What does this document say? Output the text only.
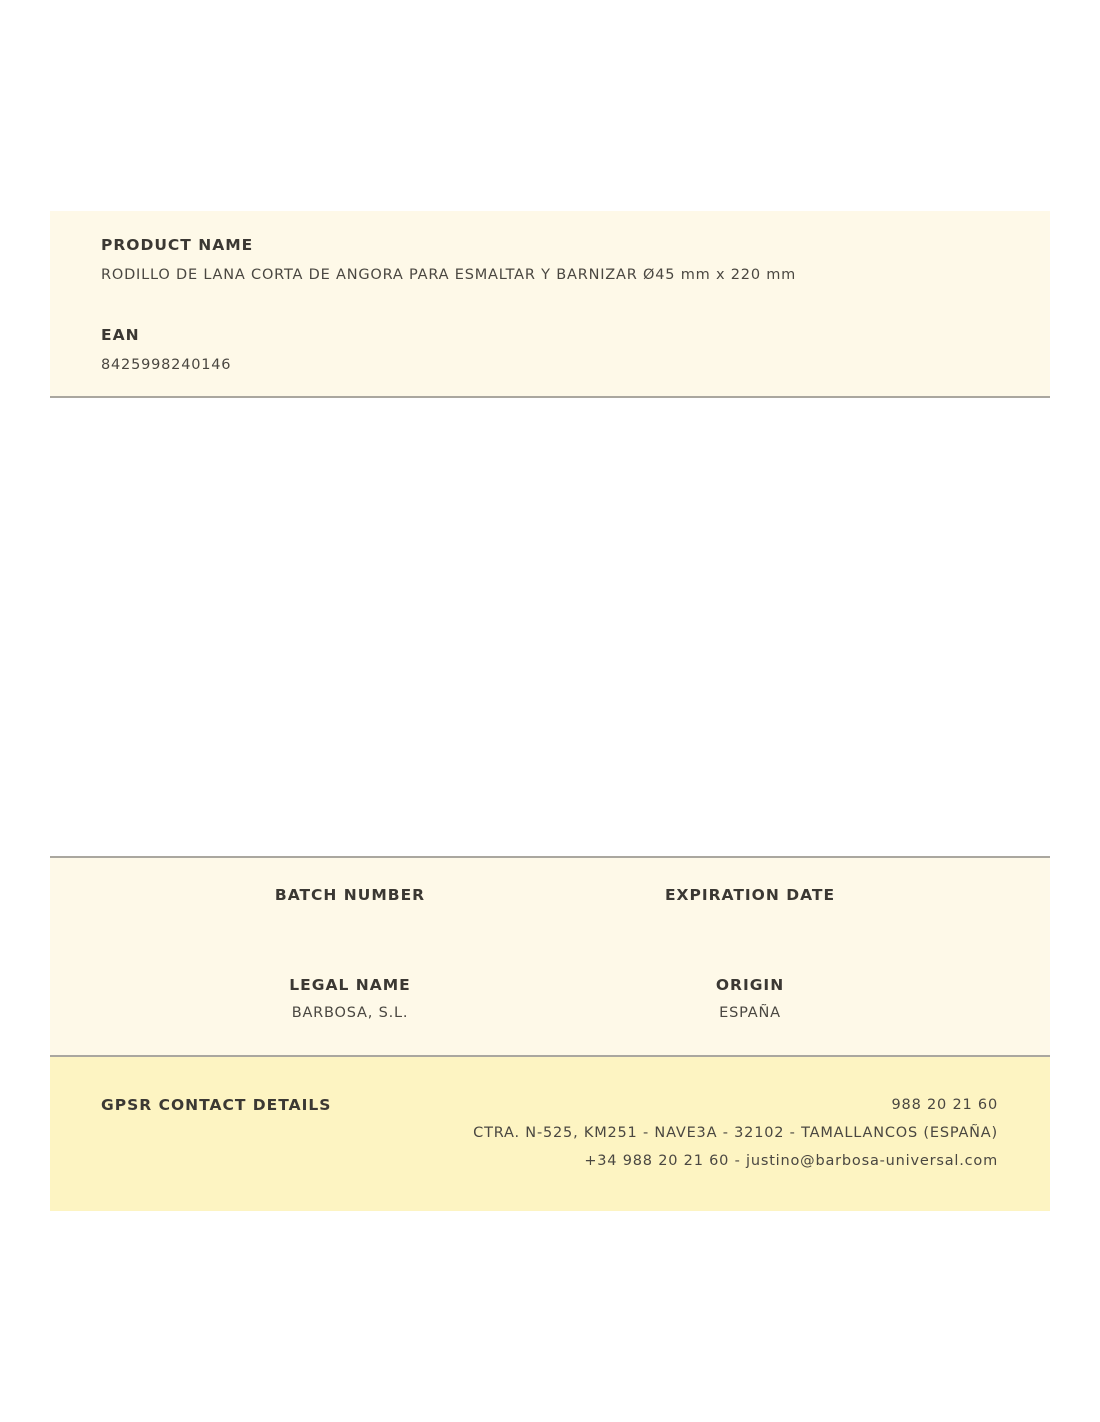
PRODUCT NAME
RODILLO DE LANA CORTA DE ANGORA PARA ESMALTAR Y BARNIZAR Ø45 mm x 220 mm
EAN
8425998240146
BATCH NUMBER	EXPIRATION DATE
LEGAL NAME
BARBOSA, S.L.
ORIGIN
ESPAÑA
GPSR CONTACT DETAILS	988 20 21 60
CTRA. N-525, KM251 - NAVE3A - 32102 - TAMALLANCOS (ESPAÑA)
+34 988 20 21 60 - justino@barbosa-universal.com
